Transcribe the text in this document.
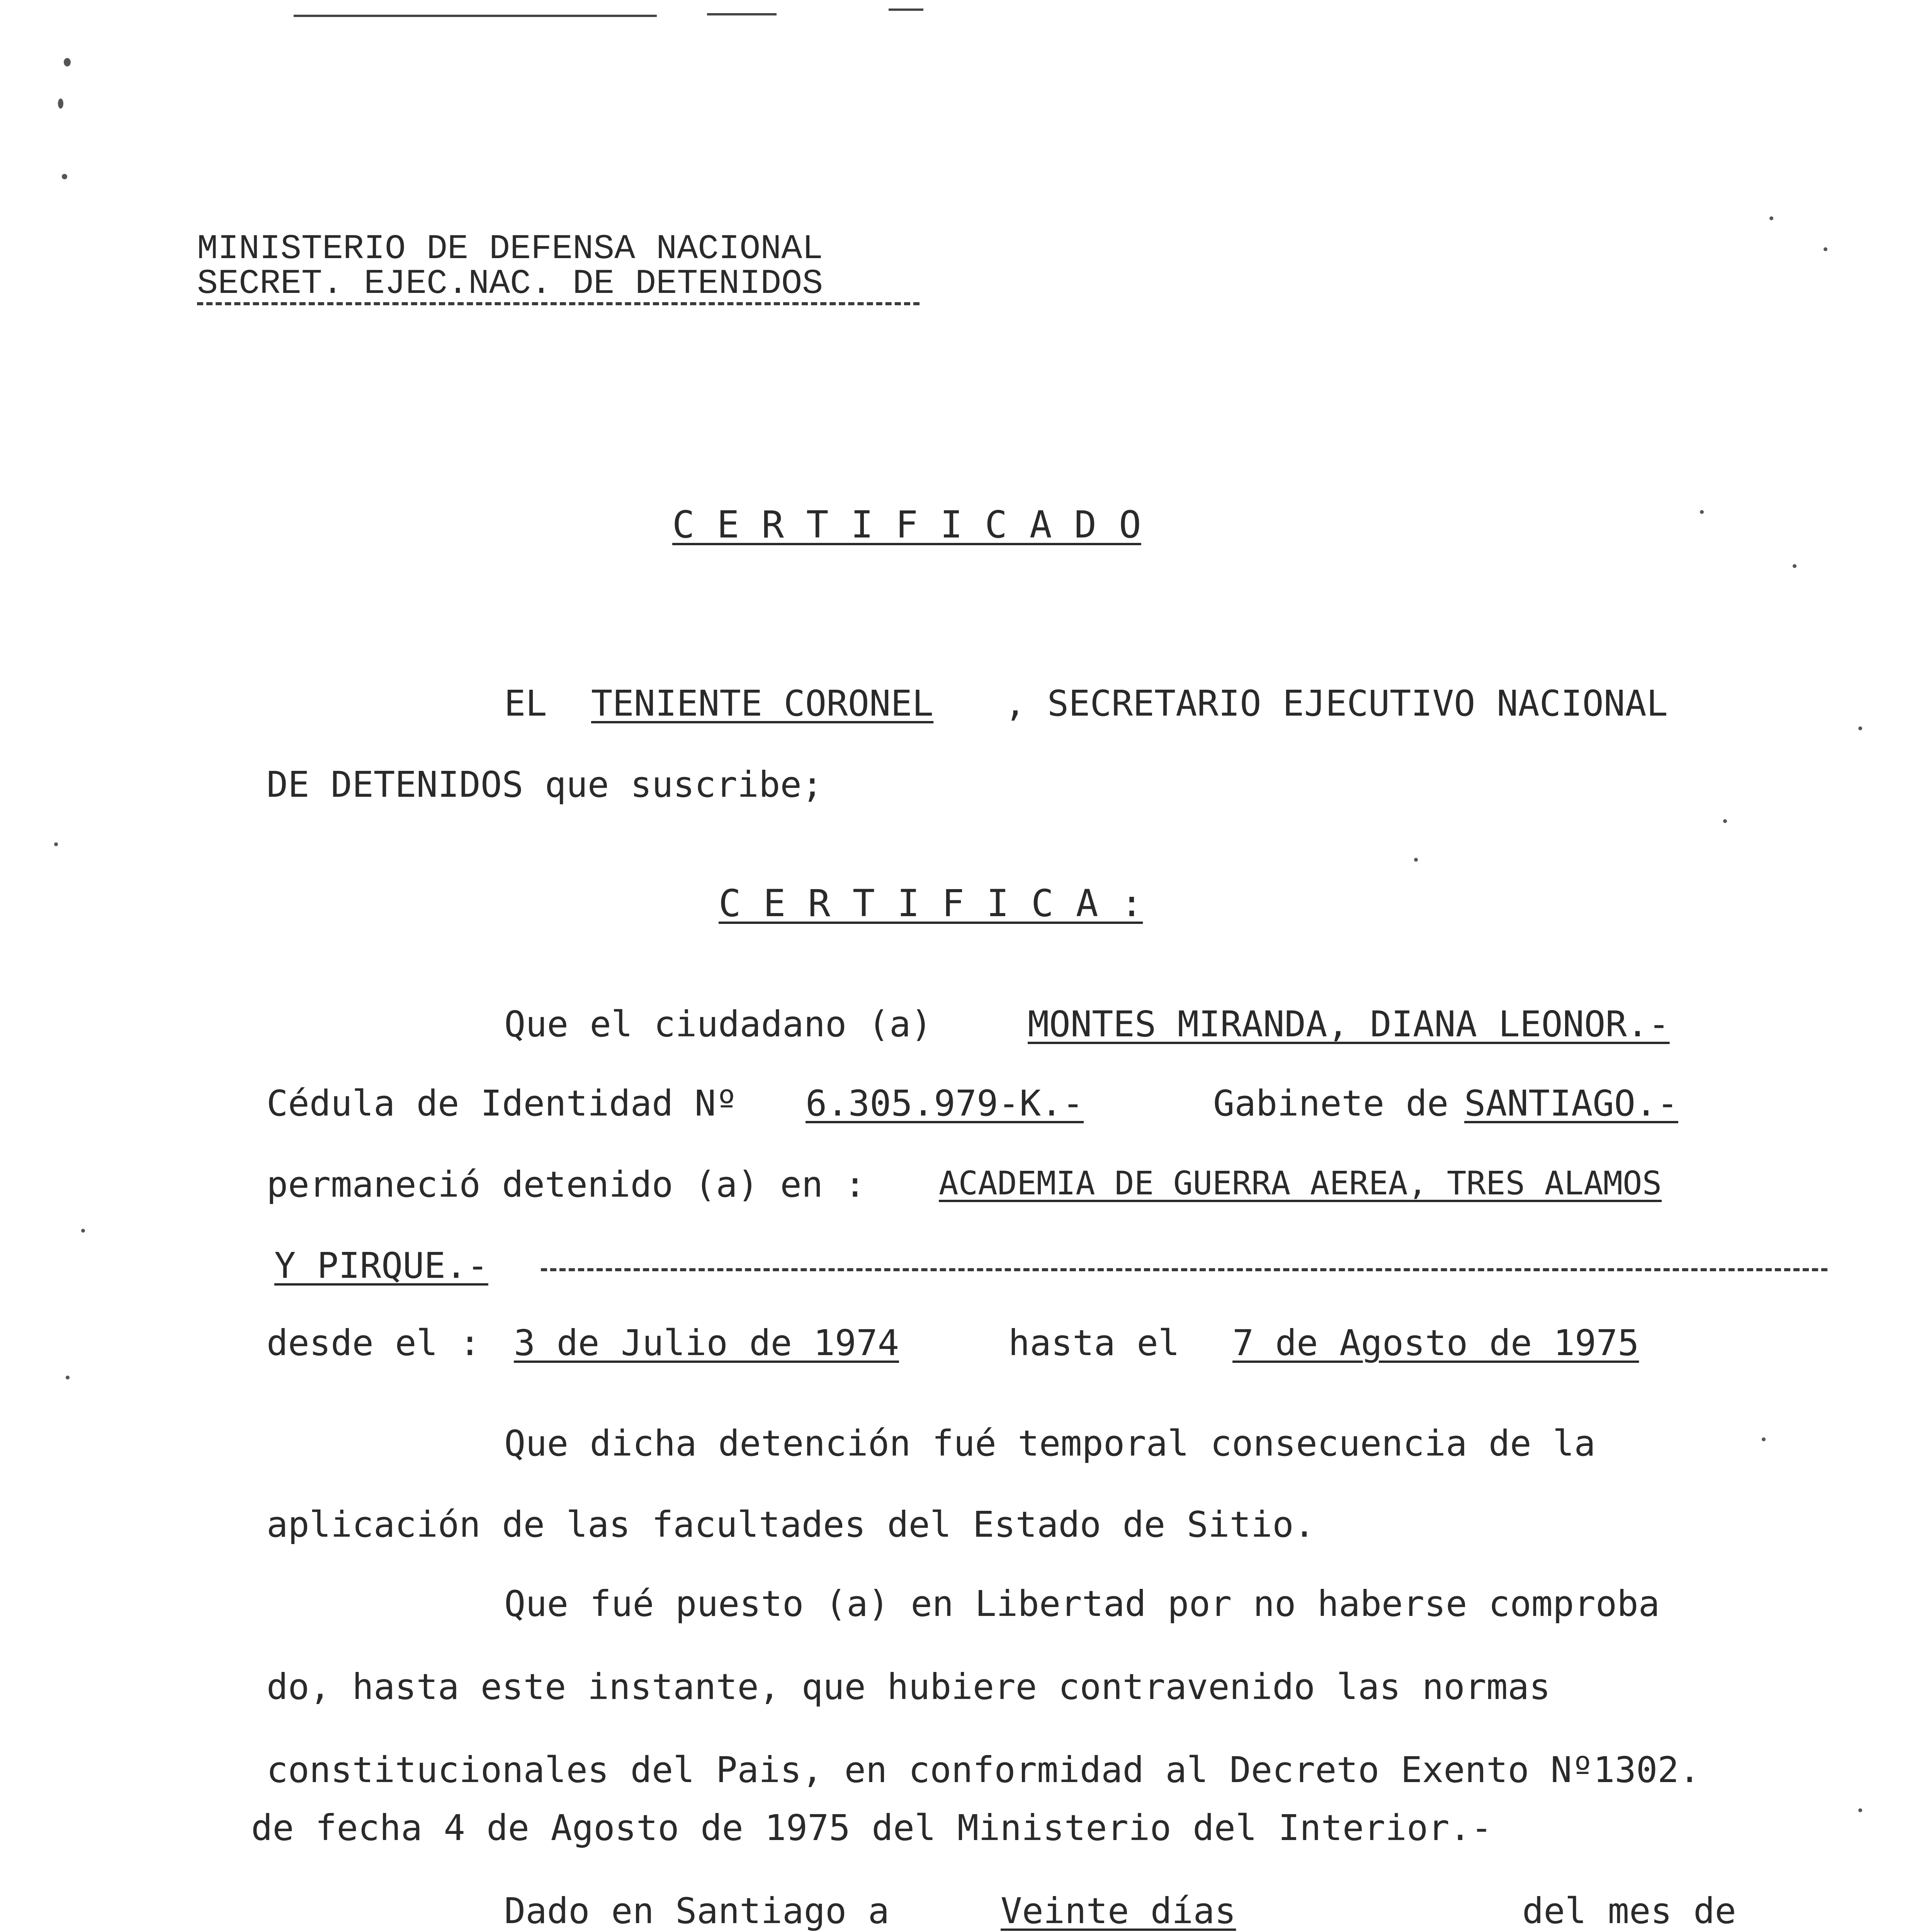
MINISTERIO DE DEFENSA NACIONAL
SECRET. EJEC.NAC. DE DETENIDOS
C E R T I F I C A D O
EL TENIENTE CORONEL , SECRETARIO EJECUTIVO NACIONAL
DE DETENIDOS que suscribe;
C E R T I F I C A :
Que el ciudadano (a)	MONTES MIRANDA, DIANA LEONOR.-
Cédula de Identidad Nº 6.305.979-K.-	Gabinete de SANTIAGO.-
permaneció detenido (a) en : ACADEMIA DE GUERRA AEREA, TRES ALAMOS
Y PIRQUE.-
desde el : 3 de Julio de 1974	hasta el 7 de Agosto de 1975
Que dicha detención fué temporal consecuencia de la
aplicación de las facultades del Estado de Sitio.
Que fué puesto (a) en Libertad por no haberse comproba
do, hasta este instante, que hubiere contravenido las normas
constitucionales del Pais, en conformidad al Decreto Exento Nº1302.
de fecha 4 de Agosto de 1975 del Ministerio del Interior.-
Dado en Santiago a	Veinte días	del mes de
